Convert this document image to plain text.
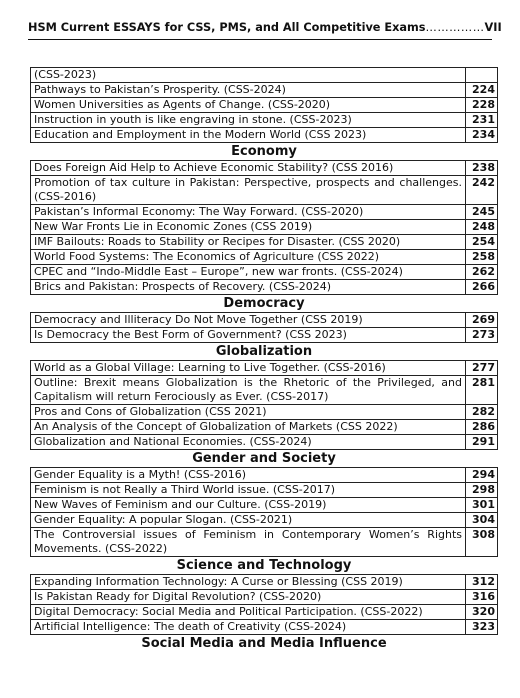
HSM Current ESSAYS for CSS, PMS, and All Competitive Exams……………VII
(CSS-2023)	
Pathways to Pakistan’s Prosperity. (CSS-2024)	224
Women Universities as Agents of Change. (CSS-2020)	228
Instruction in youth is like engraving in stone. (CSS-2023)	231
Education and Employment in the Modern World (CSS 2023)	234
Economy	
Does Foreign Aid Help to Achieve Economic Stability? (CSS 2016)	238
Promotion of tax culture in Pakistan: Perspective, prospects and challenges. (CSS-2016)	242
Pakistan’s Informal Economy: The Way Forward. (CSS-2020)	245
New War Fronts Lie in Economic Zones (CSS 2019)	248
IMF Bailouts: Roads to Stability or Recipes for Disaster. (CSS 2020)	254
World Food Systems: The Economics of Agriculture (CSS 2022)	258
CPEC and “Indo-Middle East – Europe”, new war fronts. (CSS-2024)	262
Brics and Pakistan: Prospects of Recovery. (CSS-2024)	266
Democracy	
Democracy and Illiteracy Do Not Move Together (CSS 2019)	269
Is Democracy the Best Form of Government? (CSS 2023)	273
Globalization	
World as a Global Village: Learning to Live Together. (CSS-2016)	277
Outline: Brexit means Globalization is the Rhetoric of the Privileged, and Capitalism will return Ferociously as Ever. (CSS-2017)	281
Pros and Cons of Globalization (CSS 2021)	282
An Analysis of the Concept of Globalization of Markets (CSS 2022)	286
Globalization and National Economies. (CSS-2024)	291
Gender and Society	
Gender Equality is a Myth! (CSS-2016)	294
Feminism is not Really a Third World issue. (CSS-2017)	298
New Waves of Feminism and our Culture. (CSS-2019)	301
Gender Equality: A popular Slogan. (CSS-2021)	304
The Controversial issues of Feminism in Contemporary Women’s Rights Movements. (CSS-2022)	308
Science and Technology	
Expanding Information Technology: A Curse or Blessing (CSS 2019)	312
Is Pakistan Ready for Digital Revolution? (CSS-2020)	316
Digital Democracy: Social Media and Political Participation. (CSS-2022)	320
Artificial Intelligence: The death of Creativity (CSS-2024)	323
Social Media and Media Influence	
